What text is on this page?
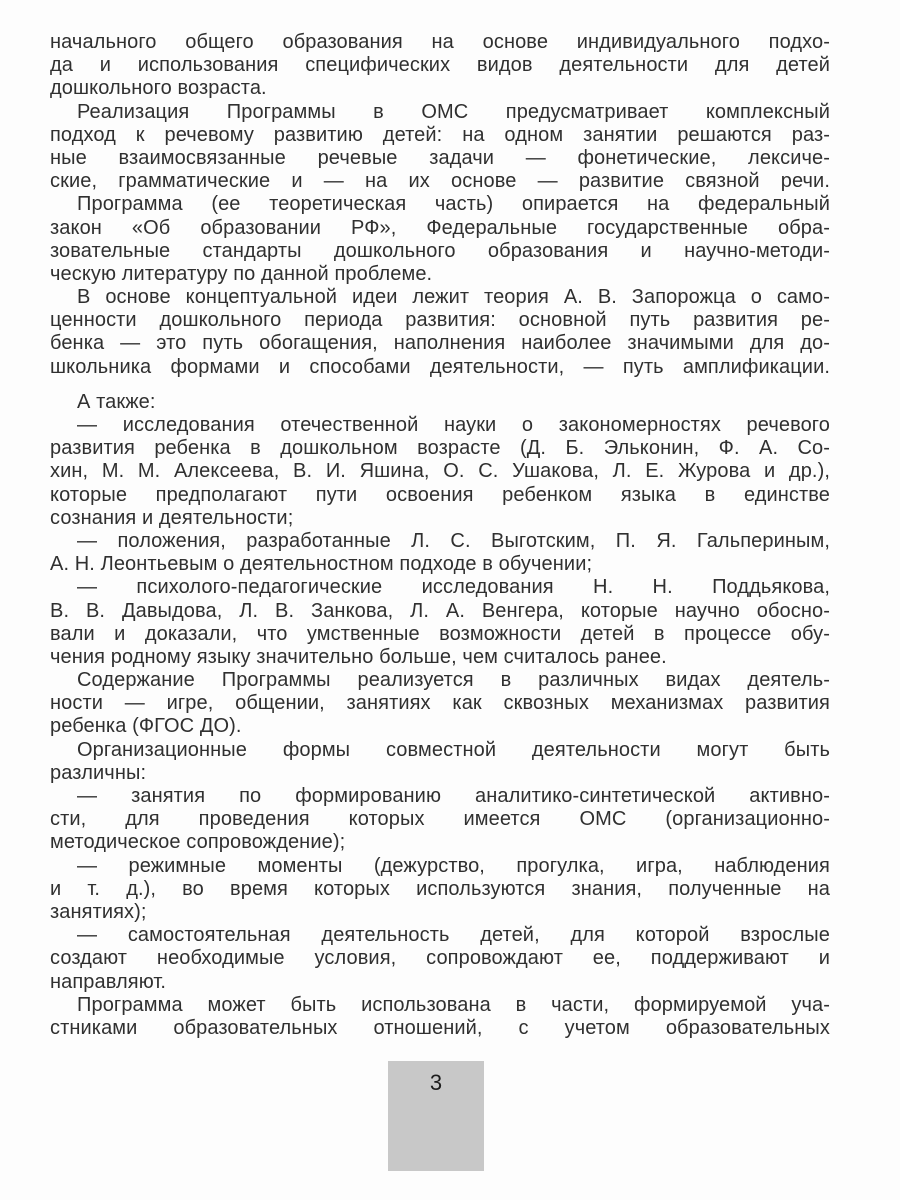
начального общего образования на основе индивидуального подхо-
да и использования специфических видов деятельности для детей
дошкольного возраста.
Реализация Программы в ОМС предусматривает комплексный
подход к речевому развитию детей: на одном занятии решаются раз-
ные взаимосвязанные речевые задачи — фонетические, лексиче-
ские, грамматические и — на их основе — развитие связной речи.
Программа (ее теоретическая часть) опирается на федеральный
закон «Об образовании РФ», Федеральные государственные обра-
зовательные стандарты дошкольного образования и научно-методи-
ческую литературу по данной проблеме.
В основе концептуальной идеи лежит теория А. В. Запорожца о само-
ценности дошкольного периода развития: основной путь развития ре-
бенка — это путь обогащения, наполнения наиболее значимыми для до-
школьника формами и способами деятельности, — путь амплификации.
А также:
— исследования отечественной науки о закономерностях речевого
развития ребенка в дошкольном возрасте (Д. Б. Эльконин, Ф. А. Со-
хин, М. М. Алексеева, В. И. Яшина, О. С. Ушакова, Л. Е. Журова и др.),
которые предполагают пути освоения ребенком языка в единстве
сознания и деятельности;
— положения, разработанные Л. С. Выготским, П. Я. Гальпериным,
А. Н. Леонтьевым о деятельностном подходе в обучении;
— психолого-педагогические исследования Н. Н. Поддьякова,
В. В. Давыдова, Л. В. Занкова, Л. А. Венгера, которые научно обосно-
вали и доказали, что умственные возможности детей в процессе обу-
чения родному языку значительно больше, чем считалось ранее.
Содержание Программы реализуется в различных видах деятель-
ности — игре, общении, занятиях как сквозных механизмах развития
ребенка (ФГОС ДО).
Организационные формы совместной деятельности могут быть
различны:
— занятия по формированию аналитико-синтетической активно-
сти, для проведения которых имеется ОМС (организационно-
методическое сопровождение);
— режимные моменты (дежурство, прогулка, игра, наблюдения
и т. д.), во время которых используются знания, полученные на
занятиях);
— самостоятельная деятельность детей, для которой взрослые
создают необходимые условия, сопровождают ее, поддерживают и
направляют.
Программа может быть использована в части, формируемой уча-
стниками образовательных отношений, с учетом образовательных
3
